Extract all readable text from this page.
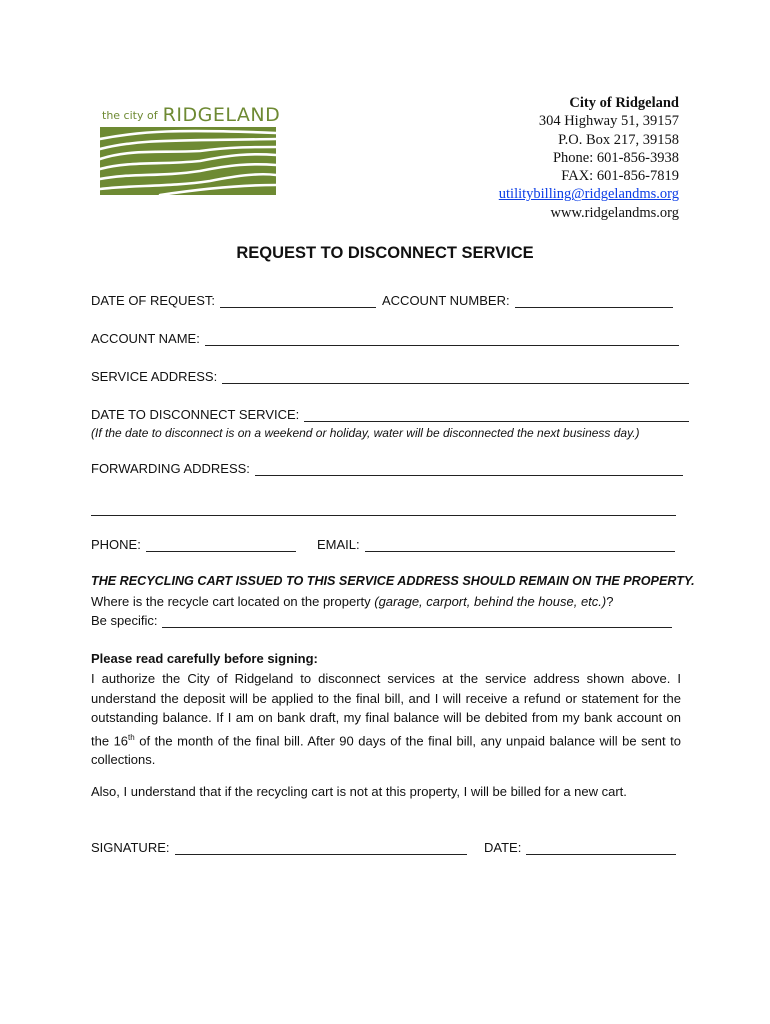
the city of RIDGELAND
City of Ridgeland
304 Highway 51, 39157
P.O. Box 217, 39158
Phone: 601-856-3938
FAX: 601-856-7819
utilitybilling@ridgelandms.org
www.ridgelandms.org
REQUEST TO DISCONNECT SERVICE
DATE OF REQUEST:	ACCOUNT NUMBER:
ACCOUNT NAME:
SERVICE ADDRESS:
DATE TO DISCONNECT SERVICE:
(If the date to disconnect is on a weekend or holiday, water will be disconnected the next business day.)
FORWARDING ADDRESS:
PHONE:	EMAIL:
THE RECYCLING CART ISSUED TO THIS SERVICE ADDRESS SHOULD REMAIN ON THE PROPERTY.
Where is the recycle cart located on the property (garage, carport, behind the house, etc.)?
Be specific:
Please read carefully before signing:
I authorize the City of Ridgeland to disconnect services at the service address shown above. I understand the deposit will be applied to the final bill, and I will receive a refund or statement for the outstanding balance. If I am on bank draft, my final balance will be debited from my bank account on the 16th of the month of the final bill. After 90 days of the final bill, any unpaid balance will be sent to collections.
Also, I understand that if the recycling cart is not at this property, I will be billed for a new cart.
SIGNATURE:	DATE:
